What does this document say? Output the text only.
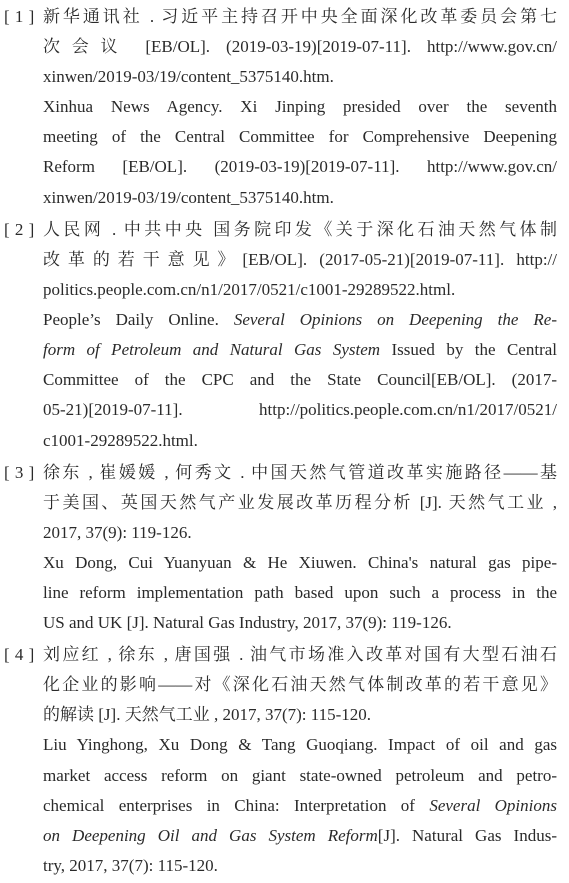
[ 1 ] 新华通讯社 . 习近平主持召开中央全面深化改革委员会第七
次会议 [EB/OL]. (2019-03-19)[2019-07-11]. http://www.gov.cn/
xinwen/2019-03/19/content_5375140.htm.
Xinhua News Agency. Xi Jinping presided over the seventh
meeting of the Central Committee for Comprehensive Deepening
Reform [EB/OL]. (2019-03-19)[2019-07-11]. http://www.gov.cn/
xinwen/2019-03/19/content_5375140.htm.
[ 2 ] 人民网 . 中共中央 国务院印发《关于深化石油天然气体制
改革的若干意见》[EB/OL]. (2017-05-21)[2019-07-11]. http://
politics.people.com.cn/n1/2017/0521/c1001-29289522.html.
People’s Daily Online. Several Opinions on Deepening the Re-
form of Petroleum and Natural Gas System Issued by the Central
Committee of the CPC and the State Council[EB/OL]. (2017-
05-21)[2019-07-11]. http://politics.people.com.cn/n1/2017/0521/
c1001-29289522.html.
[ 3 ] 徐东 , 崔媛媛 , 何秀文 . 中国天然气管道改革实施路径——基
于美国、英国天然气产业发展改革历程分析 [J]. 天然气工业 ,
2017, 37(9): 119-126.
Xu Dong, Cui Yuanyuan & He Xiuwen. China's natural gas pipe-
line reform implementation path based upon such a process in the
US and UK [J]. Natural Gas Industry, 2017, 37(9): 119-126.
[ 4 ] 刘应红 , 徐东 , 唐国强 . 油气市场准入改革对国有大型石油石
化企业的影响——对《深化石油天然气体制改革的若干意见》
的解读 [J]. 天然气工业 , 2017, 37(7): 115-120.
Liu Yinghong, Xu Dong & Tang Guoqiang. Impact of oil and gas
market access reform on giant state-owned petroleum and petro-
chemical enterprises in China: Interpretation of Several Opinions
on Deepening Oil and Gas System Reform[J]. Natural Gas Indus-
try, 2017, 37(7): 115-120.
